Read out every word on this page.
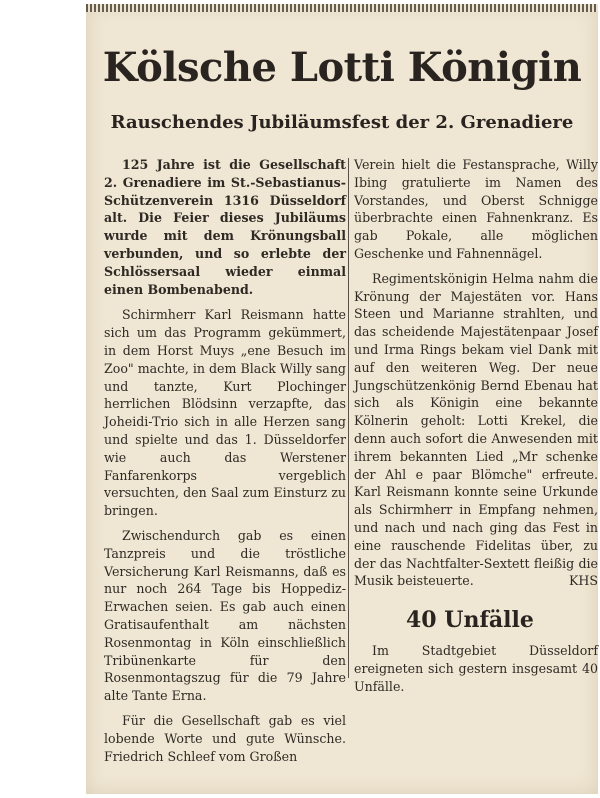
Kölsche Lotti Königin
Rauschendes Jubiläumsfest der 2. Grenadiere

125 Jahre ist die Gesellschaft 2. Grenadiere im St.-Sebastianus-Schützenverein 1316 Düsseldorf alt. Die Feier dieses Jubiläums wurde mit dem Krönungsball verbunden, und so erlebte der Schlössersaal wieder einmal einen Bombenabend.

Schirmherr Karl Reismann hatte sich um das Programm gekümmert, in dem Horst Muys „ene Besuch im Zoo" machte, in dem Black Willy sang und tanzte, Kurt Plochinger herrlichen Blödsinn verzapfte, das Joheidi-Trio sich in alle Herzen sang und spielte und das 1. Düsseldorfer wie auch das Werstener Fanfarenkorps vergeblich versuchten, den Saal zum Einsturz zu bringen.

Zwischendurch gab es einen Tanzpreis und die tröstliche Versicherung Karl Reismanns, daß es nur noch 264 Tage bis Hoppediz-Erwachen seien. Es gab auch einen Gratisaufenthalt am nächsten Rosenmontag in Köln einschließlich Tribünenkarte für den Rosenmontagszug für die 79 Jahre alte Tante Erna.

Für die Gesellschaft gab es viel lobende Worte und gute Wünsche. Friedrich Schleef vom Großen

Verein hielt die Festansprache, Willy Ibing gratulierte im Namen des Vorstandes, und Oberst Schnigge überbrachte einen Fahnenkranz. Es gab Pokale, alle möglichen Geschenke und Fahnennägel.

Regimentskönigin Helma nahm die Krönung der Majestäten vor. Hans Steen und Marianne strahlten, und das scheidende Majestätenpaar Josef und Irma Rings bekam viel Dank mit auf den weiteren Weg. Der neue Jungschützenkönig Bernd Ebenau hat sich als Königin eine bekannte Kölnerin geholt: Lotti Krekel, die denn auch sofort die Anwesenden mit ihrem bekannten Lied „Mr schenke der Ahl e paar Blömche" erfreute. Karl Reismann konnte seine Urkunde als Schirmherr in Empfang nehmen, und nach und nach ging das Fest in eine rauschende Fidelitas über, zu der das Nachtfalter-Sextett fleißig die Musik beisteuerte.	KHS

40 Unfälle

Im Stadtgebiet Düsseldorf ereigneten sich gestern insgesamt 40 Unfälle.
